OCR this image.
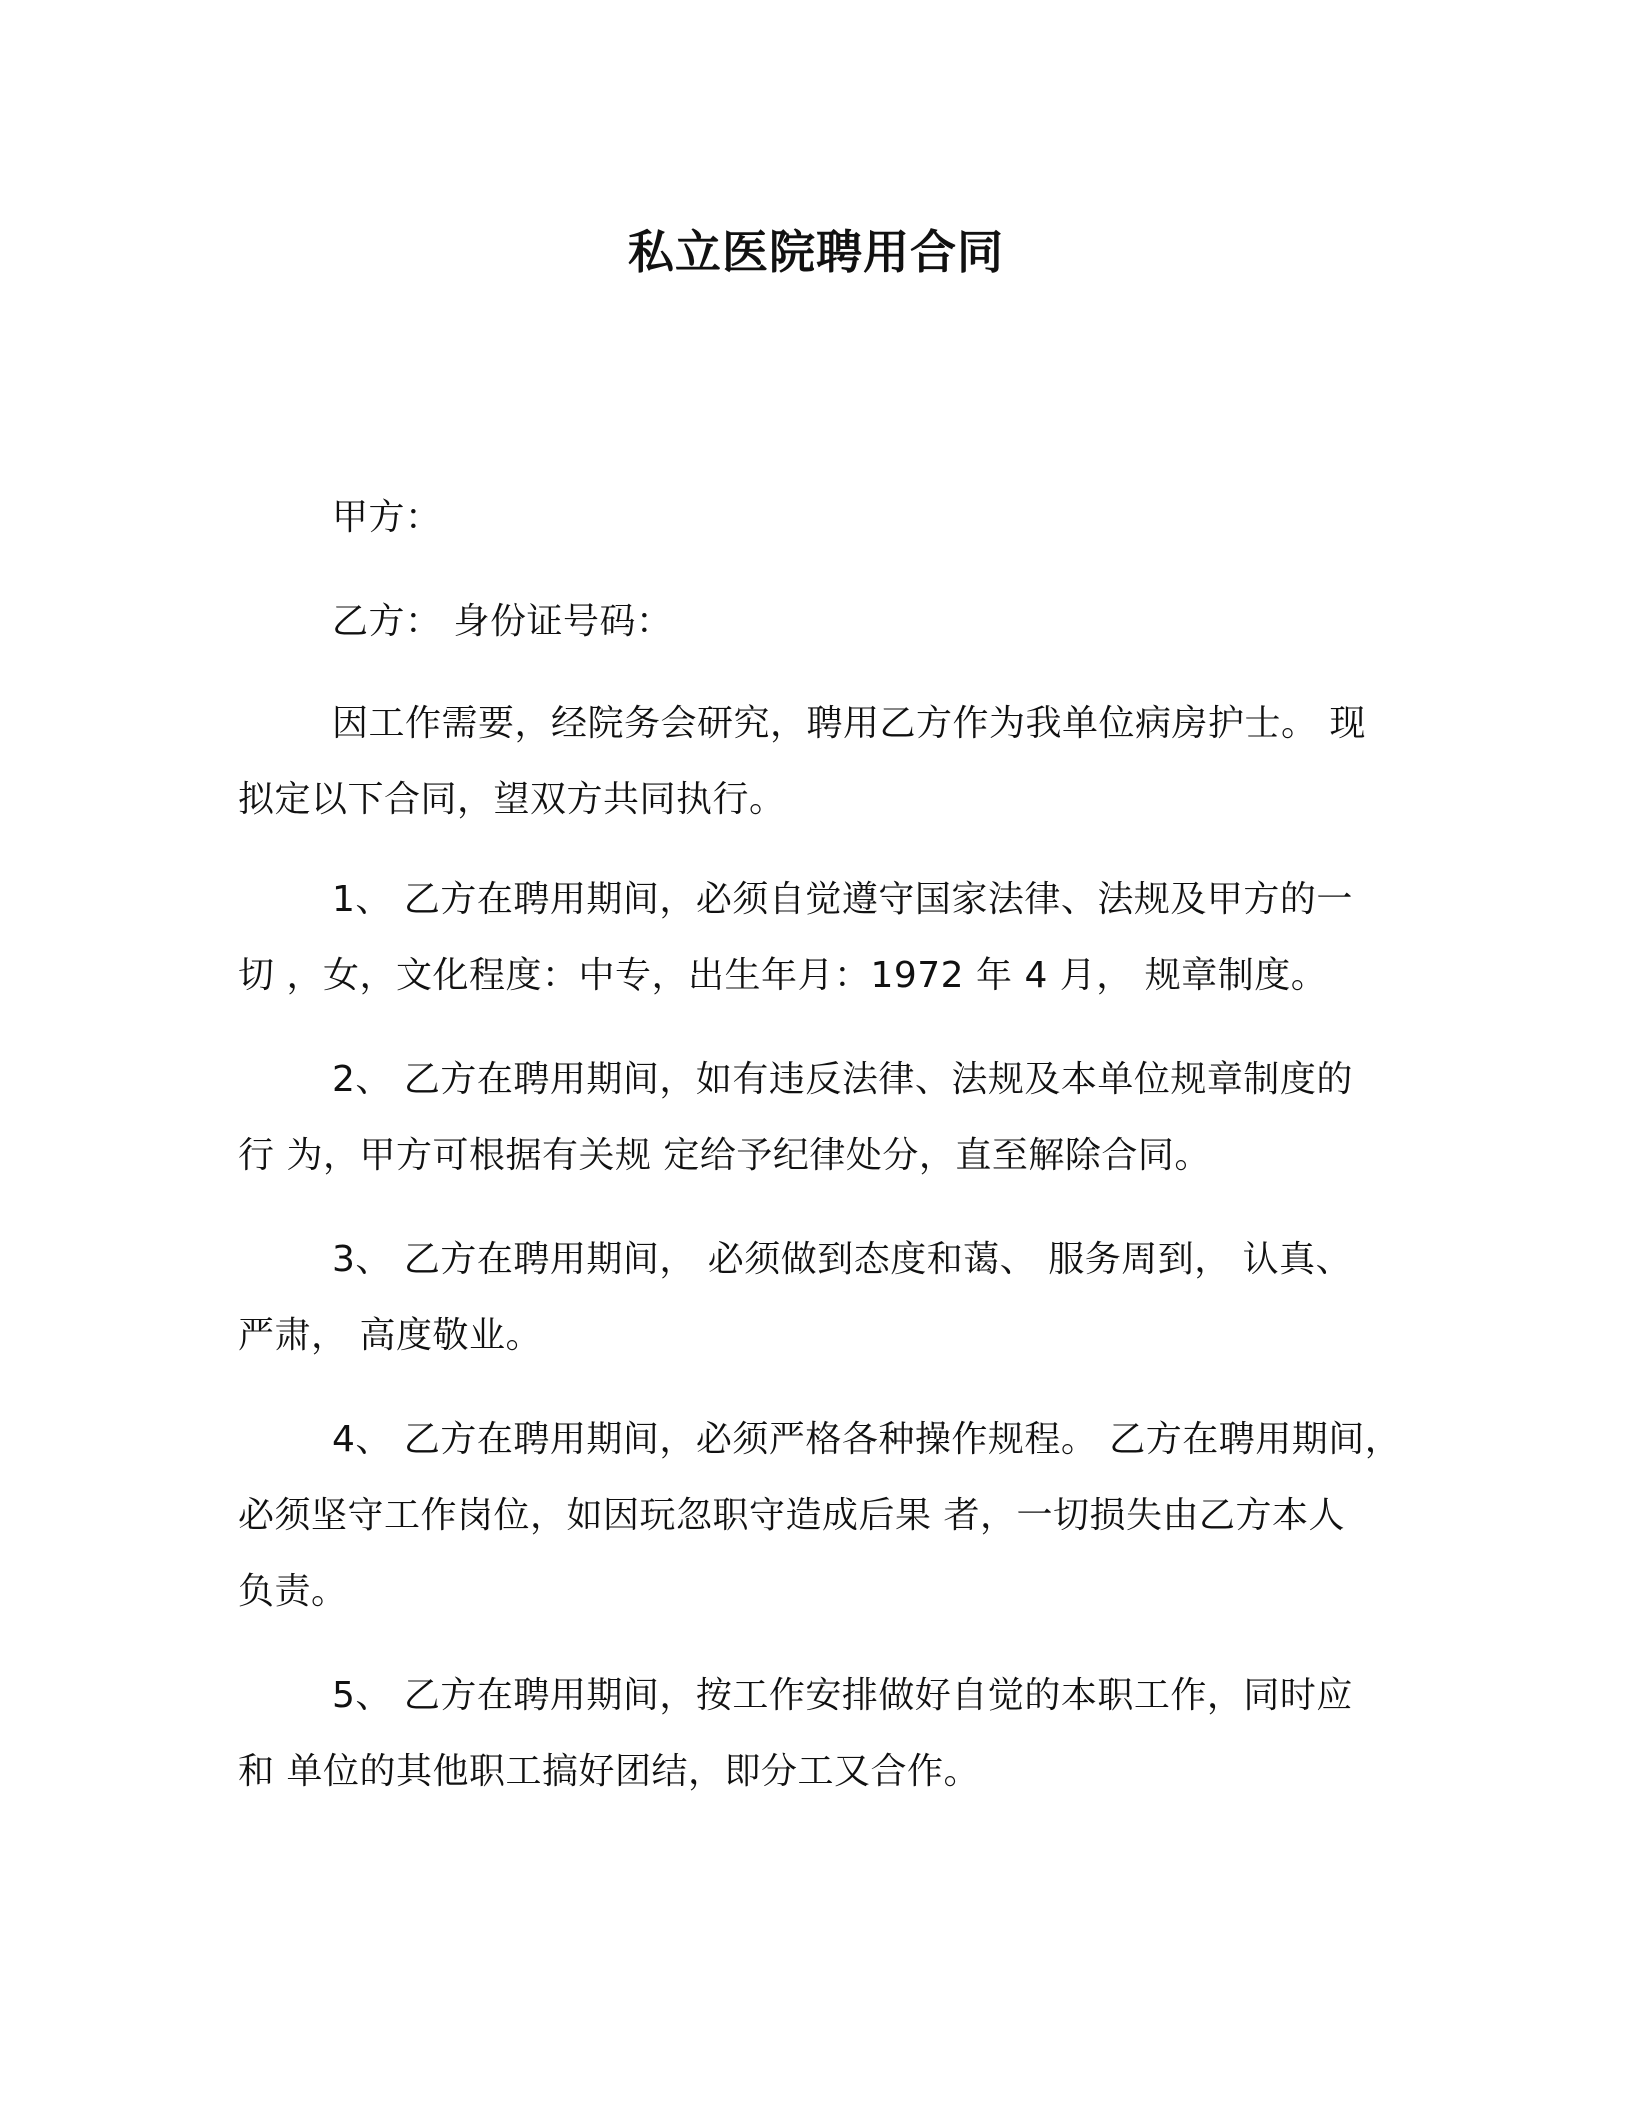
私立医院聘用合同
甲方：
乙方： 身份证号码：
因工作需要，经院务会研究，聘用乙方作为我单位病房护士。 现
拟定以下合同，望双方共同执行。
1、 乙方在聘用期间，必须自觉遵守国家法律、法规及甲方的一
切 ，女，文化程度：中专，出生年月：1972 年 4 月， 规章制度。
2、 乙方在聘用期间，如有违反法律、法规及本单位规章制度的
行 为，甲方可根据有关规 定给予纪律处分，直至解除合同。
3、 乙方在聘用期间， 必须做到态度和蔼、 服务周到， 认真、
严肃， 高度敬业。
4、 乙方在聘用期间，必须严格各种操作规程。 乙方在聘用期间，
必须坚守工作岗位，如因玩忽职守造成后果 者，一切损失由乙方本人
负责。
5、 乙方在聘用期间，按工作安排做好自觉的本职工作，同时应
和 单位的其他职工搞好团结，即分工又合作。
